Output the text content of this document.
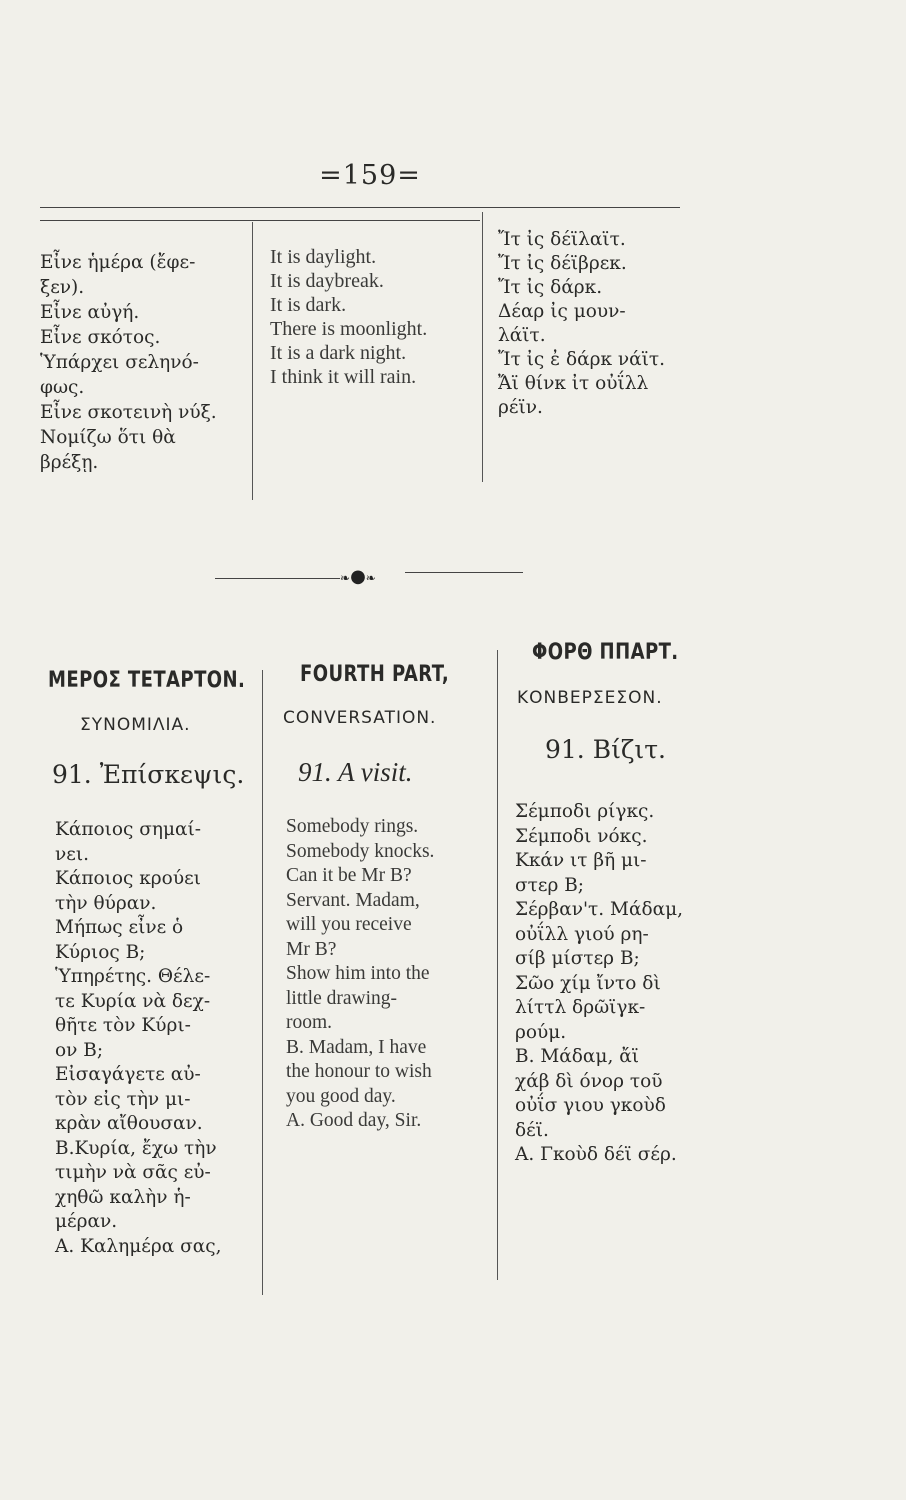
=159=
Εἶνε ἡμέρα (ἔφε-
ξεν).
Εἶνε αὐγή.
Εἶνε σκότος.
Ὑπάρχει σεληνό-
φως.
Εἶνε σκοτεινὴ νύξ.
Νομίζω ὅτι θὰ
βρέξῃ.
It is daylight.
It is daybreak.
It is dark.
There is moonlight.
It is a dark night.
I think it will rain.
Ἴτ ἰς δέϊλαϊτ.
Ἴτ ἰς δέϊβρεκ.
Ἴτ ἰς δάρκ.
Δέαρ ἰς μουν-
λάϊτ.
Ἴτ ἰς ἐ δάρκ νάϊτ.
Ἄϊ θίνκ ἰτ οὐΐλλ
ρέϊν.
❧●❧
ΜΕΡΟΣ ΤΕΤΑΡΤΟΝ. FOURTH PART,
ΦΟΡΘ ΠΠΑΡΤ.
ΣΥΝΟΜΙΛΙΑ.	CONVERSATION.
ΚΟΝΒΕΡΣΕΣΟΝ.
91. Ἐπίσκεψις. 91. A visit.
91. Βίζιτ.
Κάποιος σημαί-
νει.
Κάποιος κρούει
τὴν θύραν.
Μήπως εἶνε ὁ
Κύριος Β;
Ὑπηρέτης. Θέλε-
τε Κυρία νὰ δεχ-
θῆτε τὸν Κύρι-
ον Β;
Εἰσαγάγετε αὐ-
τὸν εἰς τὴν μι-
κρὰν αἴθουσαν.
Β.Κυρία, ἔχω τὴν
τιμὴν νὰ σᾶς εὐ-
χηθῶ καλὴν ἡ-
μέραν.
Α. Καλημέρα σας,
Somebody rings.
Somebody knocks.
Can it be Mr B?
Servant. Madam,
will you receive
Mr B?
Show him into the
little drawing-
room.
B. Madam, I have
the honour to wish
you good day.
A. Good day, Sir.
Σέμποδι ρίγκς.
Σέμποδι νόκς.
Κκάν ιτ βῆ μι-
στερ Β;
Σέρβαν'τ. Μάδαμ,
οὐΐλλ γιού ρη-
σίβ μίστερ Β;
Σῶο χίμ ἴντο δὶ
λίττλ δρῶϊγκ-
ρούμ.
Β. Μάδαμ, ἄϊ
χάβ δὶ όνορ τοῦ
οὐΐσ γιου γκοὺδ
δέϊ.
Α. Γκοὺδ δέϊ σέρ.
